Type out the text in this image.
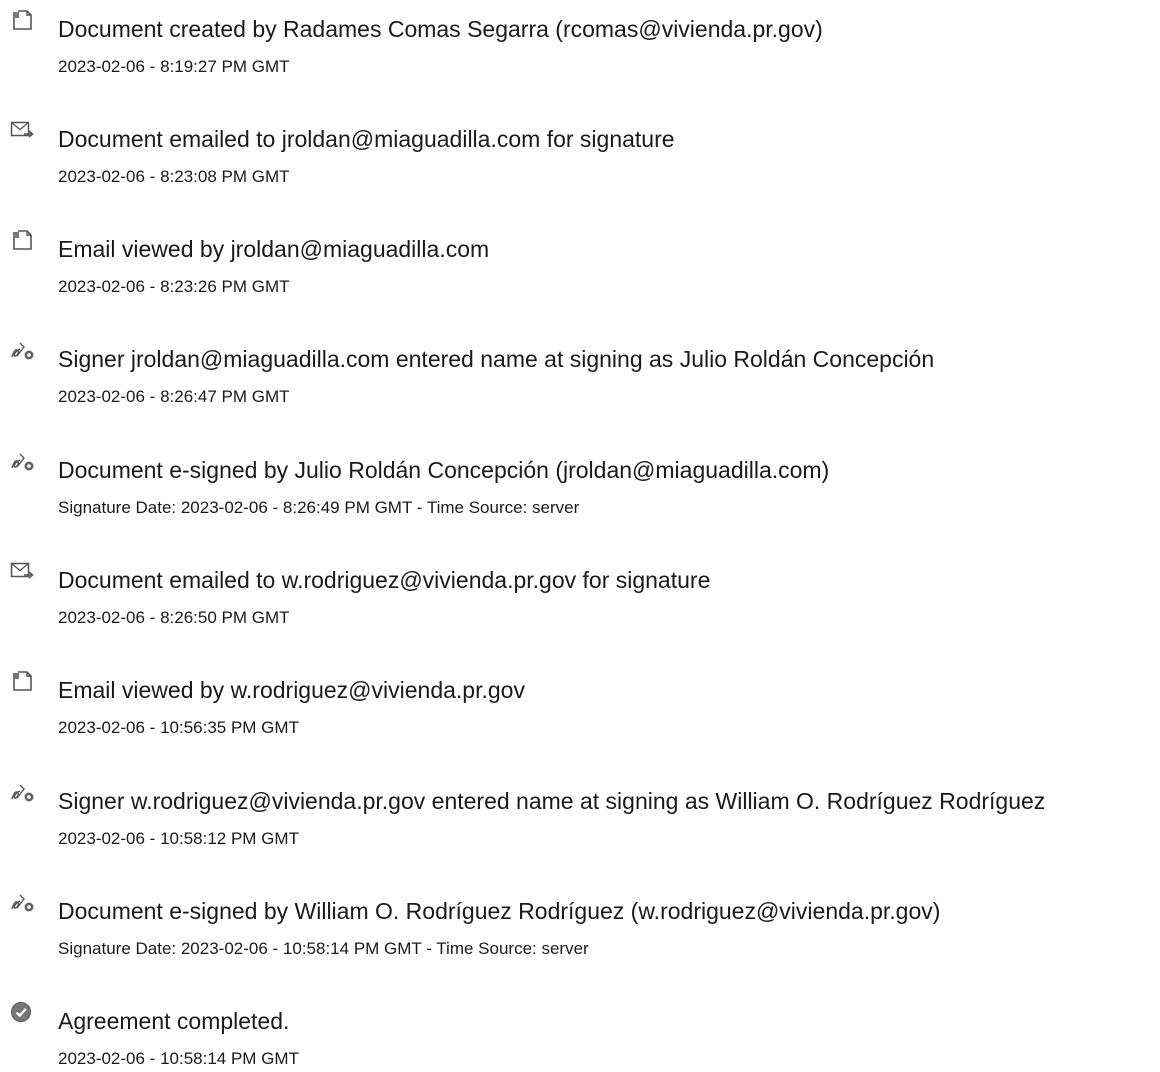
Document created by Radames Comas Segarra (rcomas@vivienda.pr.gov)
2023-02-06 - 8:19:27 PM GMT
Document emailed to jroldan@miaguadilla.com for signature
2023-02-06 - 8:23:08 PM GMT
Email viewed by jroldan@miaguadilla.com
2023-02-06 - 8:23:26 PM GMT
Signer jroldan@miaguadilla.com entered name at signing as Julio Roldán Concepción
2023-02-06 - 8:26:47 PM GMT
Document e-signed by Julio Roldán Concepción (jroldan@miaguadilla.com)
Signature Date: 2023-02-06 - 8:26:49 PM GMT - Time Source: server
Document emailed to w.rodriguez@vivienda.pr.gov for signature
2023-02-06 - 8:26:50 PM GMT
Email viewed by w.rodriguez@vivienda.pr.gov
2023-02-06 - 10:56:35 PM GMT
Signer w.rodriguez@vivienda.pr.gov entered name at signing as William O. Rodríguez Rodríguez
2023-02-06 - 10:58:12 PM GMT
Document e-signed by William O. Rodríguez Rodríguez (w.rodriguez@vivienda.pr.gov)
Signature Date: 2023-02-06 - 10:58:14 PM GMT - Time Source: server
Agreement completed.
2023-02-06 - 10:58:14 PM GMT
